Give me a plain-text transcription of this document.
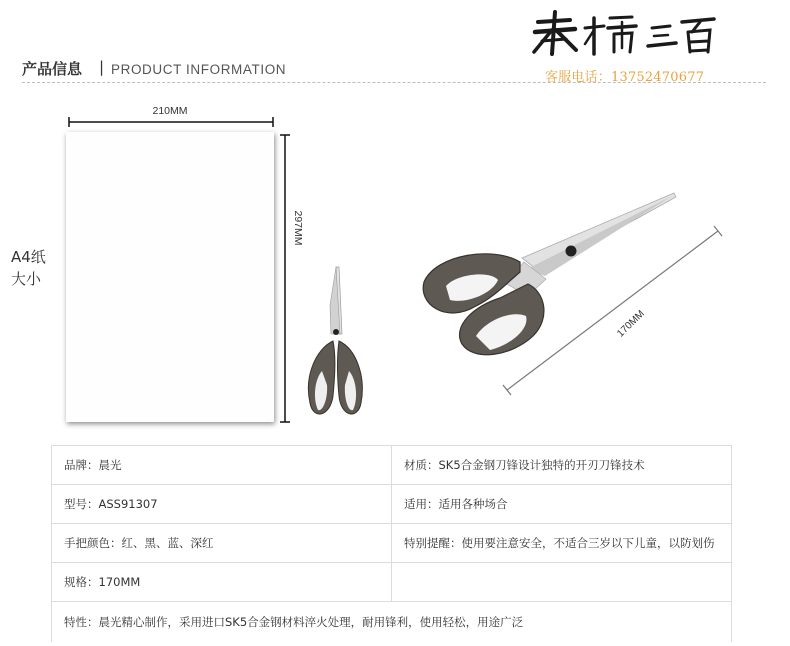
奉橘三百
客服电话：13752470677
产品信息 | PRODUCT INFORMATION
A4纸大小
210MM
297MM
170MM
品牌：晨光	材质：SK5合金钢刀锋设计独特的开刃刀锋技术
型号：ASS91307	适用：适用各种场合
手把颜色：红、黑、蓝、深红	特别提醒：使用要注意安全，不适合三岁以下儿童，以防划伤
规格：170MM	
特性：晨光精心制作，采用进口SK5合金钢材料淬火处理，耐用锋利，使用轻松，用途广泛	
